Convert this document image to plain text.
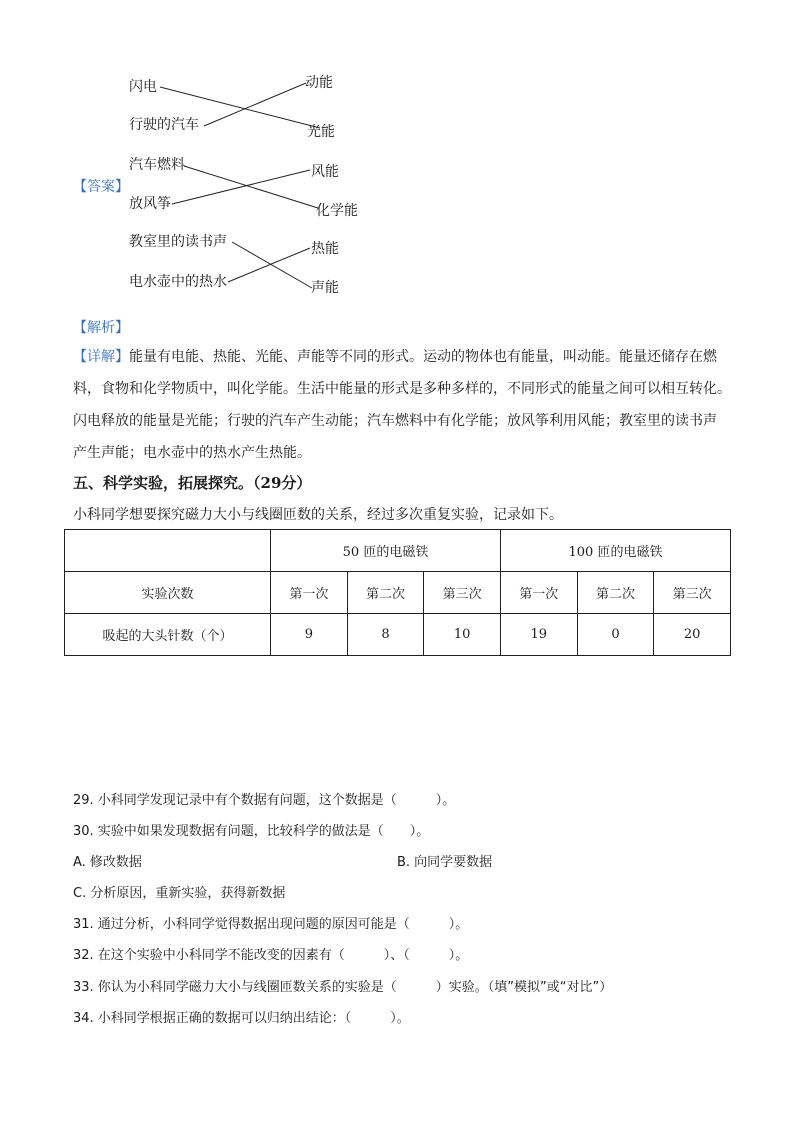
闪电
行驶的汽车
动能
光能
【答案】
汽车燃料
放风筝
风能
化学能
教室里的读书声
电水壶中的热水
热能
声能
【解析】

【详解】能量有电能、热能、光能、声能等不同的形式。运动的物体也有能量，叫动能。能量还储存在燃

料，食物和化学物质中，叫化学能。生活中能量的形式是多种多样的，不同形式的能量之间可以相互转化。

闪电释放的能量是光能；行驶的汽车产生动能；汽车燃料中有化学能；放风筝利用风能；教室里的读书声

产生声能；电水壶中的热水产生热能。

五、科学实验，拓展探究。（29分）
小科同学想要探究磁力大小与线圈匝数的关系，经过多次重复实验，记录如下。
	50 匝的电磁铁			100 匝的电磁铁		
实验次数	第一次	第二次	第三次	第一次	第二次	第三次
吸起的大头针数（个）	9	8	10	19	0	20
29. 小科同学发现记录中有个数据有问题，这个数据是（　　　）。
30. 实验中如果发现数据有问题，比较科学的做法是（　　）。
A. 修改数据	B. 向同学要数据
C. 分析原因，重新实验，获得新数据
31. 通过分析，小科同学觉得数据出现问题的原因可能是（　　　）。
32. 在这个实验中小科同学不能改变的因素有（　　　）、（　　　）。
33. 你认为小科同学磁力大小与线圈匝数关系的实验是（　　　）实验。（填”模拟”或“对比”）
34. 小科同学根据正确的数据可以归纳出结论：（　　　）。
